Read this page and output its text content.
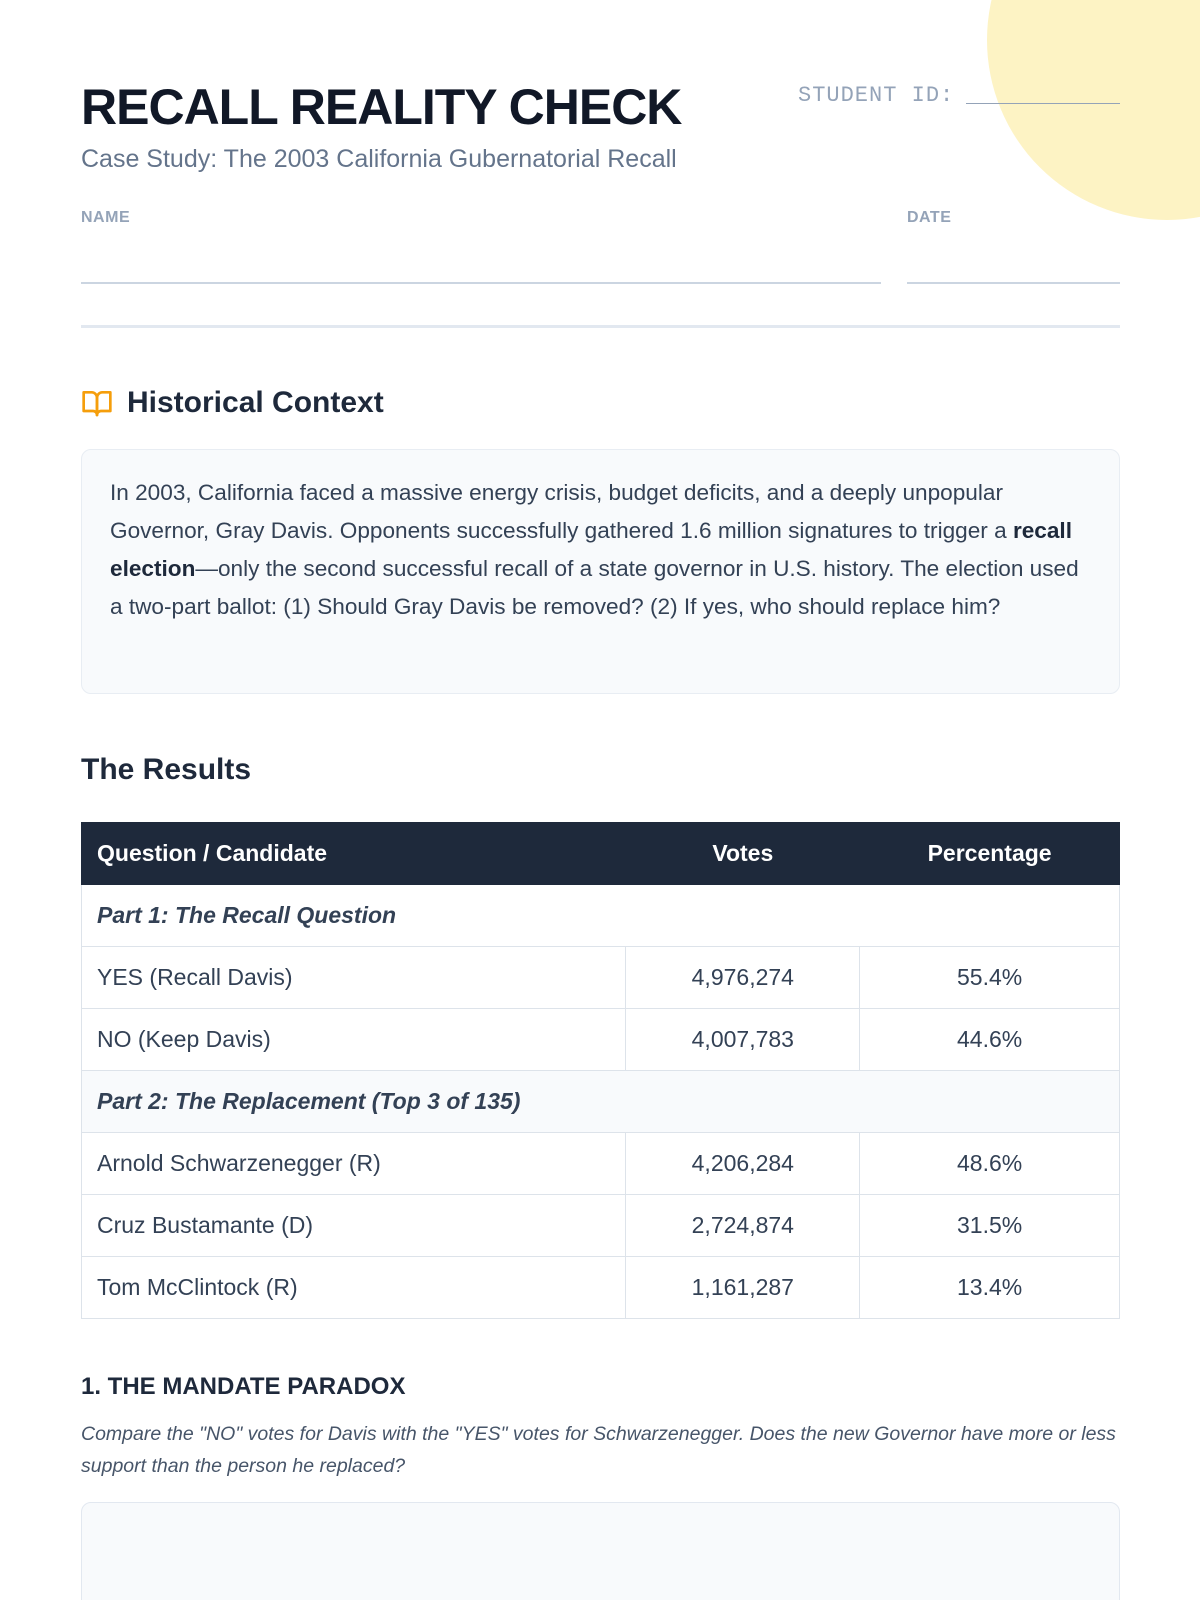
RECALL REALITY CHECK
Case Study: The 2003 California Gubernatorial Recall
STUDENT ID:
NAME	DATE
Historical Context
In 2003, California faced a massive energy crisis, budget deficits, and a deeply unpopular Governor, Gray Davis. Opponents successfully gathered 1.6 million signatures to trigger a recall election—only the second successful recall of a state governor in U.S. history. The election used a two-part ballot: (1) Should Gray Davis be removed? (2) If yes, who should replace him?
The Results
Question / Candidate	Votes	Percentage
Part 1: The Recall Question		
YES (Recall Davis)	4,976,274	55.4%
NO (Keep Davis)	4,007,783	44.6%
Part 2: The Replacement (Top 3 of 135)		
Arnold Schwarzenegger (R)	4,206,284	48.6%
Cruz Bustamante (D)	2,724,874	31.5%
Tom McClintock (R)	1,161,287	13.4%
1. THE MANDATE PARADOX

Compare the "NO" votes for Davis with the "YES" votes for Schwarzenegger. Does the new Governor have more or less support than the person he replaced?
